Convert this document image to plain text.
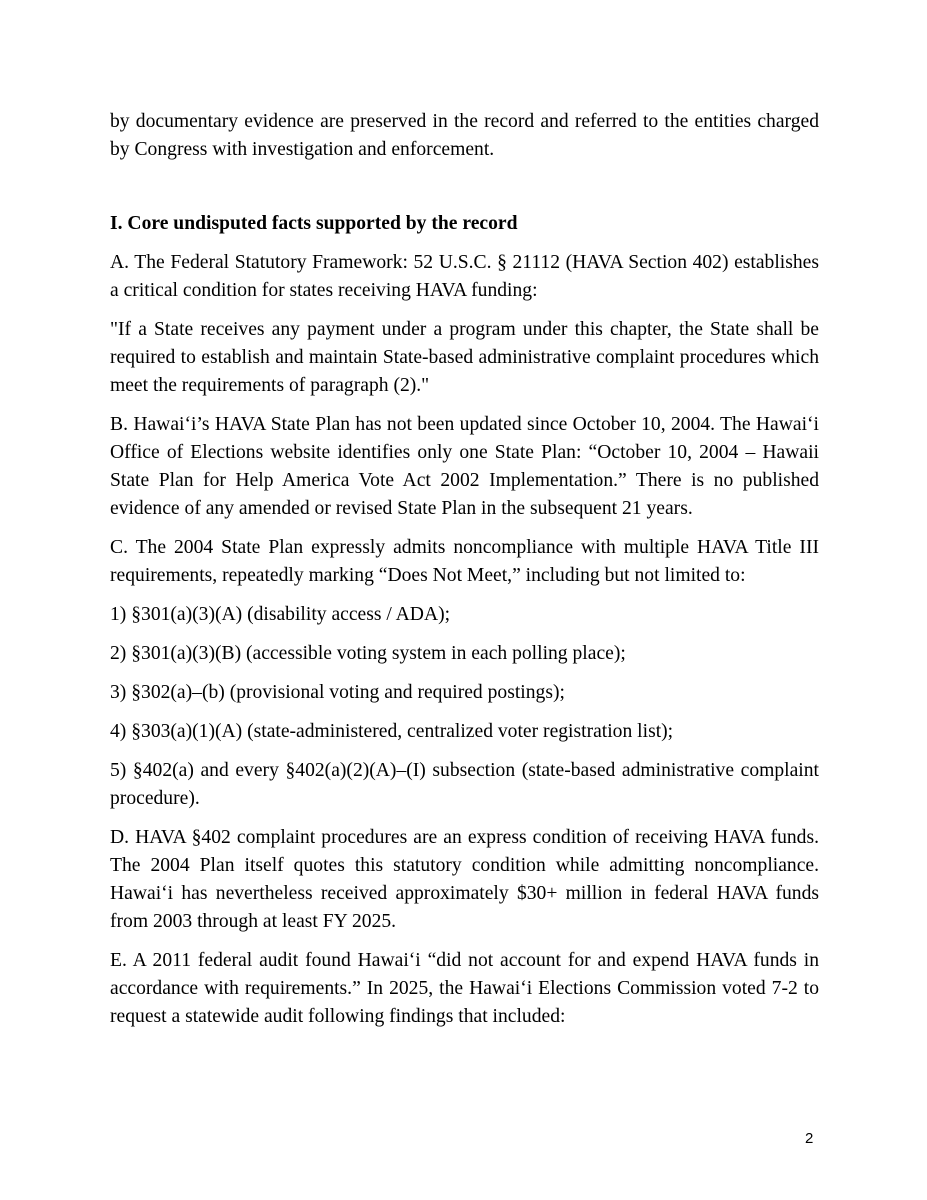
by documentary evidence are preserved in the record and referred to the entities charged by Congress with investigation and enforcement.

I. Core undisputed facts supported by the record

A. The Federal Statutory Framework: 52 U.S.C. § 21112 (HAVA Section 402) establishes a critical condition for states receiving HAVA funding:

"If a State receives any payment under a program under this chapter, the State shall be required to establish and maintain State-based administrative complaint procedures which meet the requirements of paragraph (2)."

B. Hawai‘i’s HAVA State Plan has not been updated since October 10, 2004. The Hawai‘i Office of Elections website identifies only one State Plan: “October 10, 2004 – Hawaii State Plan for Help America Vote Act 2002 Implementation.” There is no published evidence of any amended or revised State Plan in the subsequent 21 years.

C. The 2004 State Plan expressly admits noncompliance with multiple HAVA Title III requirements, repeatedly marking “Does Not Meet,” including but not limited to:

1) §301(a)(3)(A) (disability access / ADA);

2) §301(a)(3)(B) (accessible voting system in each polling place);

3) §302(a)–(b) (provisional voting and required postings);

4) §303(a)(1)(A) (state-administered, centralized voter registration list);

5) §402(a) and every §402(a)(2)(A)–(I) subsection (state-based administrative complaint procedure).

D. HAVA §402 complaint procedures are an express condition of receiving HAVA funds. The 2004 Plan itself quotes this statutory condition while admitting noncompliance. Hawai‘i has nevertheless received approximately $30+ million in federal HAVA funds from 2003 through at least FY 2025.

E. A 2011 federal audit found Hawai‘i “did not account for and expend HAVA funds in accordance with requirements.” In 2025, the Hawai‘i Elections Commission voted 7-2 to request a statewide audit following findings that included:

2
